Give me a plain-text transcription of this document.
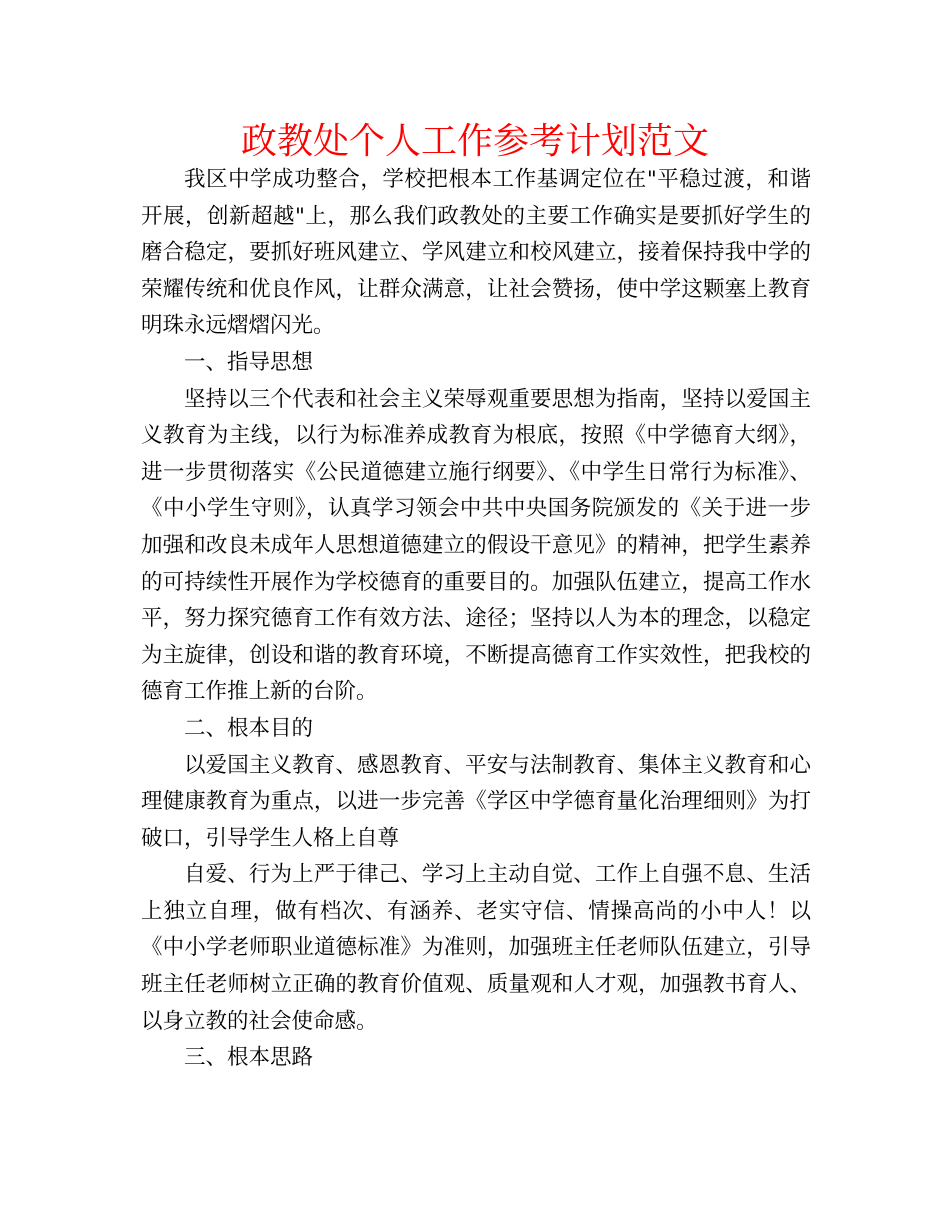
政教处个人工作参考计划范文

我区中学成功整合，学校把根本工作基调定位在"平稳过渡，和谐开展，创新超越"上，那么我们政教处的主要工作确实是要抓好学生的磨合稳定，要抓好班风建立、学风建立和校风建立，接着保持我中学的荣耀传统和优良作风，让群众满意，让社会赞扬，使中学这颗塞上教育明珠永远熠熠闪光。

一、指导思想

坚持以三个代表和社会主义荣辱观重要思想为指南，坚持以爱国主义教育为主线，以行为标准养成教育为根底，按照《中学德育大纲》，进一步贯彻落实《公民道德建立施行纲要》、《中学生日常行为标准》、《中小学生守则》，认真学习领会中共中央国务院颁发的《关于进一步加强和改良未成年人思想道德建立的假设干意见》的精神，把学生素养的可持续性开展作为学校德育的重要目的。加强队伍建立，提高工作水平，努力探究德育工作有效方法、途径；坚持以人为本的理念，以稳定为主旋律，创设和谐的教育环境，不断提高德育工作实效性，把我校的德育工作推上新的台阶。

二、根本目的

以爱国主义教育、感恩教育、平安与法制教育、集体主义教育和心理健康教育为重点，以进一步完善《学区中学德育量化治理细则》为打破口，引导学生人格上自尊

自爱、行为上严于律己、学习上主动自觉、工作上自强不息、生活上独立自理，做有档次、有涵养、老实守信、情操高尚的小中人！以《中小学老师职业道德标准》为准则，加强班主任老师队伍建立，引导班主任老师树立正确的教育价值观、质量观和人才观，加强教书育人、以身立教的社会使命感。

三、根本思路
